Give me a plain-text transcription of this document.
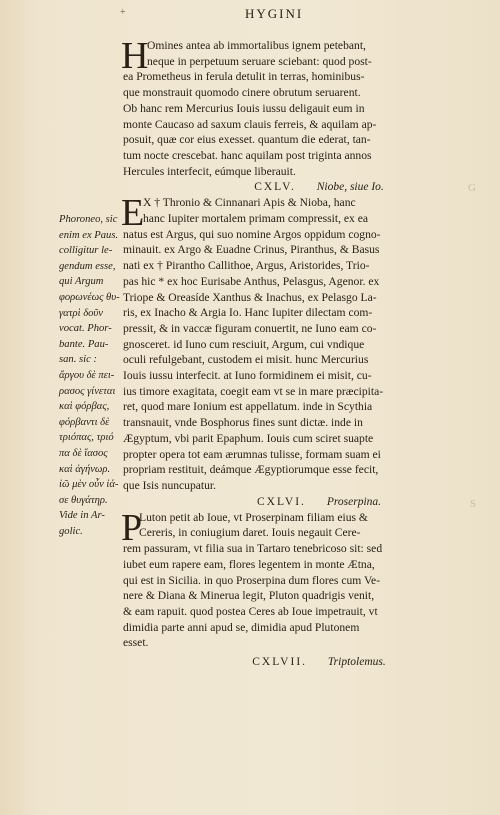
+	HYGINI
Phoroneo, sic
enim ex Paus.
colligitur le-
gendum esse,
qui Argum
φορωνέως θυ-
γατρὶ δοῦν
vocat. Phor-
bante. Pau-
san. sic :
ἄργου δὲ πει-
ρασος γίνεται
καὶ φόρβας,
φόρβαντι δὲ
τριόπας, τριό
πα δὲ ἴασος
καὶ ἀγήνωρ.
ἰῶ μὲν οὖν ἰά-
σε θυγάτηρ.
Vide in Ar-
golic.
H
Omines antea ab immortalibus ignem petebant,
neque in perpetuum seruare sciebant: quod post-
ea Prometheus in ferula detulit in terras, hominibus-
que monstrauit quomodo cinere obrutum seruarent.
Ob hanc rem Mercurius Iouis iussu deligauit eum in
monte Caucaso ad saxum clauis ferreis, & aquilam ap-
posuit, quæ cor eius exesset. quantum die ederat, tan-
tum nocte crescebat. hanc aquilam post triginta annos
Hercules interfecit, eúmque liberauit.
CXLV. Niobe, siue Io.
E
X † Thronio & Cinnanari Apis & Nioba, hanc
hanc Iupiter mortalem primam compressit, ex ea
natus est Argus, qui suo nomine Argos oppidum cogno-
minauit. ex Argo & Euadne Crinus, Piranthus, & Basus
nati ex † Pirantho Callithoe, Argus, Aristorides, Trio-
pas hic * ex hoc Eurisabe Anthus, Pelasgus, Agenor. ex
Triope & Oreasíde Xanthus & Inachus, ex Pelasgo La-
ris, ex Inacho & Argia Io. Hanc Iupiter dilectam com-
pressit, & in vaccæ figuram conuertit, ne Iuno eam co-
gnosceret. id Iuno cum resciuit, Argum, cui vndique
oculi refulgebant, custodem ei misit. hunc Mercurius
Iouis iussu interfecit. at Iuno formidinem ei misit, cu-
ius timore exagitata, coegit eam vt se in mare præcipita-
ret, quod mare Ionium est appellatum. inde in Scythia
transnauit, vnde Bosphorus fines sunt dictæ. inde in
Ægyptum, vbi parit Epaphum. Iouis cum sciret suapte
propter opera tot eam ærumnas tulisse, formam suam ei
propriam restituit, deámque Ægyptiorumque esse fecit,
que Isis nuncupatur.
CXLVI. Proserpina.
P
Luton petit ab Ioue, vt Proserpinam filiam eius &
Cereris, in coniugium daret. Iouis negauit Cere-
rem passuram, vt filia sua in Tartaro tenebricoso sit: sed
iubet eum rapere eam, flores legentem in monte Ætna,
qui est in Sicilia. in quo Proserpina dum flores cum Ve-
nere & Diana & Minerua legit, Pluton quadrigis venit,
& eam rapuit. quod postea Ceres ab Ioue impetrauit, vt
dimidia parte anni apud se, dimidia apud Plutonem
esset.
CXLVII. Triptolemus.
G
S
